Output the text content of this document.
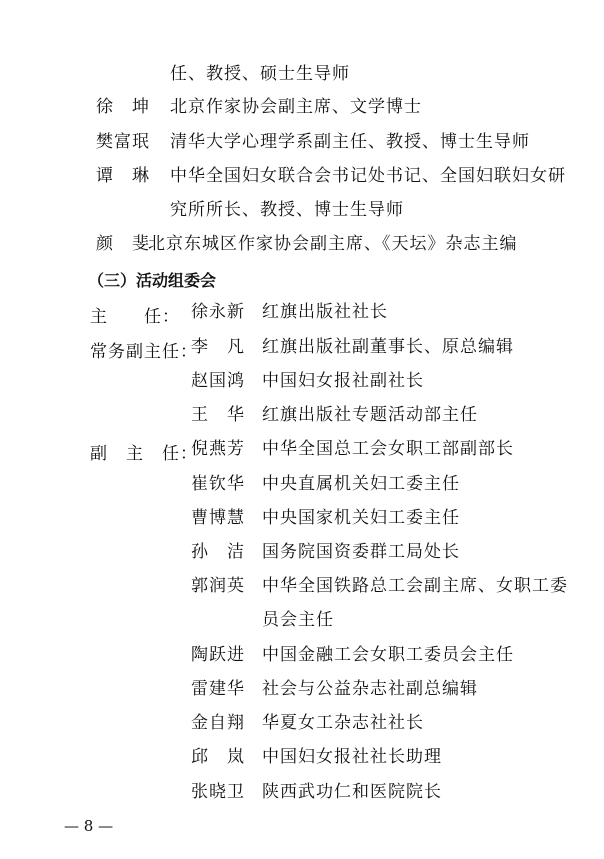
任、教授、硕士生导师
徐　坤 北京作家协会副主席、文学博士
樊富珉 清华大学心理学系副主任、教授、博士生导师
谭　琳 中华全国妇女联合会书记处书记、全国妇联妇女研
究所所长、教授、博士生导师
颜　斐
北京东城区作家协会副主席、《天坛》杂志主编
（三）活动组委会
主　　任： 徐永新 红旗出版社社长
常务副主任：
李　凡 红旗出版社副董事长、原总编辑
赵国鸿 中国妇女报社副社长
王　华 红旗出版社专题活动部主任
副　主　任：
倪燕芳 中华全国总工会女职工部副部长
崔钦华 中央直属机关妇工委主任
曹博慧 中央国家机关妇工委主任
孙　洁 国务院国资委群工局处长
郭润英 中华全国铁路总工会副主席、女职工委
员会主任
陶跃进 中国金融工会女职工委员会主任
雷建华 社会与公益杂志社副总编辑
金自翔 华夏女工杂志社社长
邱　岚 中国妇女报社社长助理
张晓卫 陕西武功仁和医院院长
— 8 —
